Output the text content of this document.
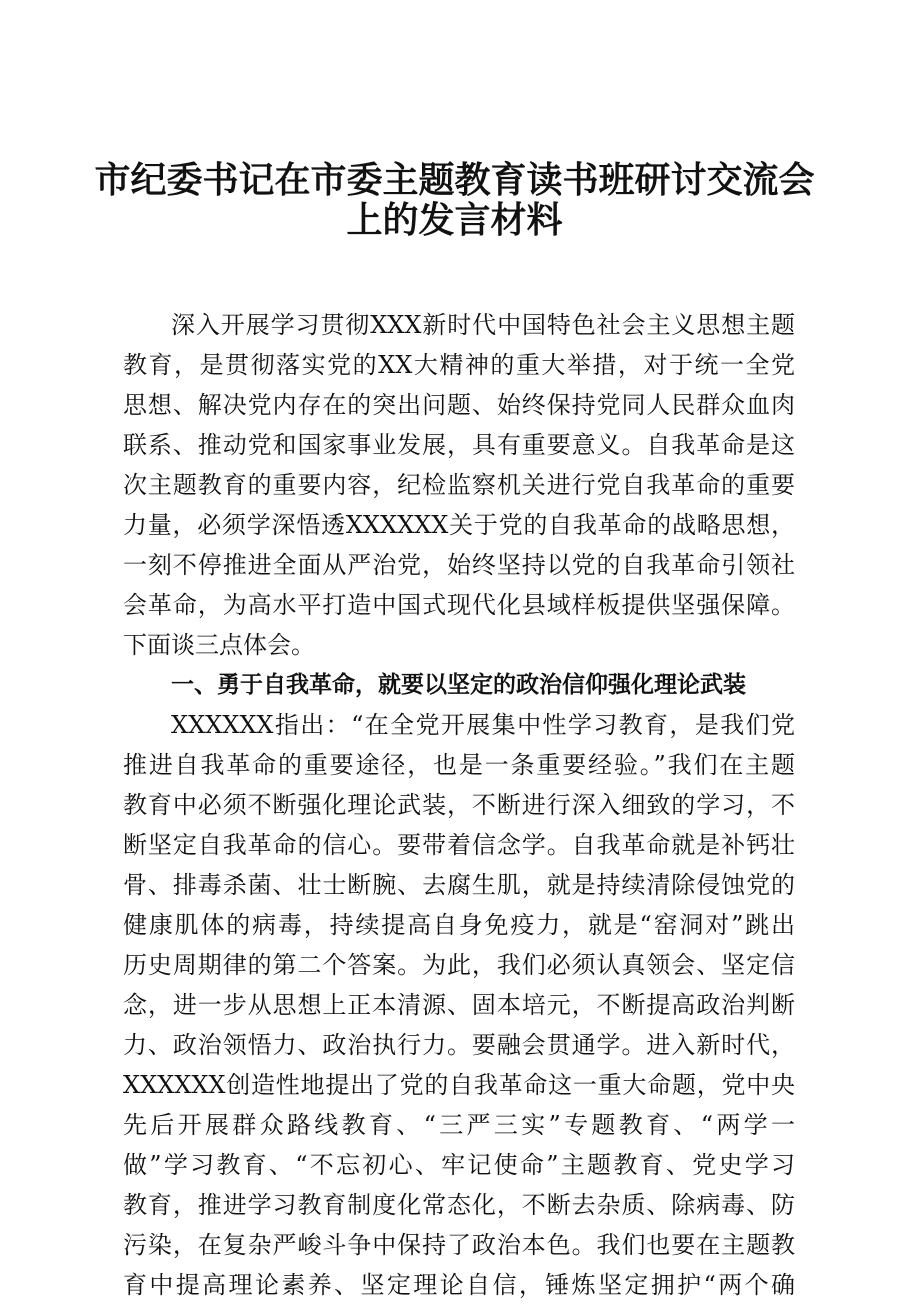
市纪委书记在市委主题教育读书班研讨交流会
上的发言材料
深入开展学习贯彻XXX新时代中国特色社会主义思想主题
教育，是贯彻落实党的XX大精神的重大举措，对于统一全党
思想、解决党内存在的突出问题、始终保持党同人民群众血肉
联系、推动党和国家事业发展，具有重要意义。自我革命是这
次主题教育的重要内容，纪检监察机关进行党自我革命的重要
力量，必须学深悟透XXXXXX关于党的自我革命的战略思想，
一刻不停推进全面从严治党，始终坚持以党的自我革命引领社
会革命，为高水平打造中国式现代化县域样板提供坚强保障。
下面谈三点体会。
一、勇于自我革命，就要以坚定的政治信仰强化理论武装
XXXXXX指出：“在全党开展集中性学习教育，是我们党
推进自我革命的重要途径，也是一条重要经验。”我们在主题
教育中必须不断强化理论武装，不断进行深入细致的学习，不
断坚定自我革命的信心。要带着信念学。自我革命就是补钙壮
骨、排毒杀菌、壮士断腕、去腐生肌，就是持续清除侵蚀党的
健康肌体的病毒，持续提高自身免疫力，就是“窑洞对”跳出
历史周期律的第二个答案。为此，我们必须认真领会、坚定信
念，进一步从思想上正本清源、固本培元，不断提高政治判断
力、政治领悟力、政治执行力。要融会贯通学。进入新时代，
XXXXXX创造性地提出了党的自我革命这一重大命题，党中央
先后开展群众路线教育、“三严三实”专题教育、“两学一
做”学习教育、“不忘初心、牢记使命”主题教育、党史学习
教育，推进学习教育制度化常态化，不断去杂质、除病毒、防
污染，在复杂严峻斗争中保持了政治本色。我们也要在主题教
育中提高理论素养、坚定理论自信，锤炼坚定拥护“两个确
